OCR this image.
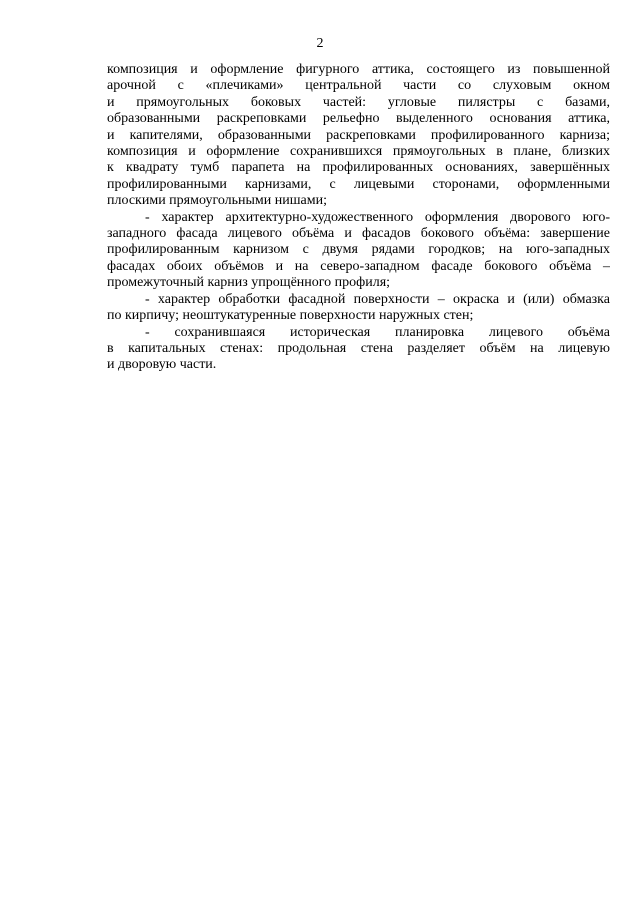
2
композиция и оформление фигурного аттика, состоящего из повышенной
арочной с «плечиками» центральной части со слуховым окном
и прямоугольных боковых частей: угловые пилястры с базами,
образованными раскреповками рельефно выделенного основания аттика,
и капителями, образованными раскреповками профилированного карниза;
композиция и оформление сохранившихся прямоугольных в плане, близких
к квадрату тумб парапета на профилированных основаниях, завершённых
профилированными карнизами, с лицевыми сторонами, оформленными
плоскими прямоугольными нишами;
- характер архитектурно-художественного оформления дворового юго-
западного фасада лицевого объёма и фасадов бокового объёма: завершение
профилированным карнизом с двумя рядами городков; на юго-западных
фасадах обоих объёмов и на северо-западном фасаде бокового объёма –
промежуточный карниз упрощённого профиля;
- характер обработки фасадной поверхности – окраска и (или) обмазка
по кирпичу; неоштукатуренные поверхности наружных стен;
- сохранившаяся историческая планировка лицевого объёма
в капитальных стенах: продольная стена разделяет объём на лицевую
и дворовую части.
